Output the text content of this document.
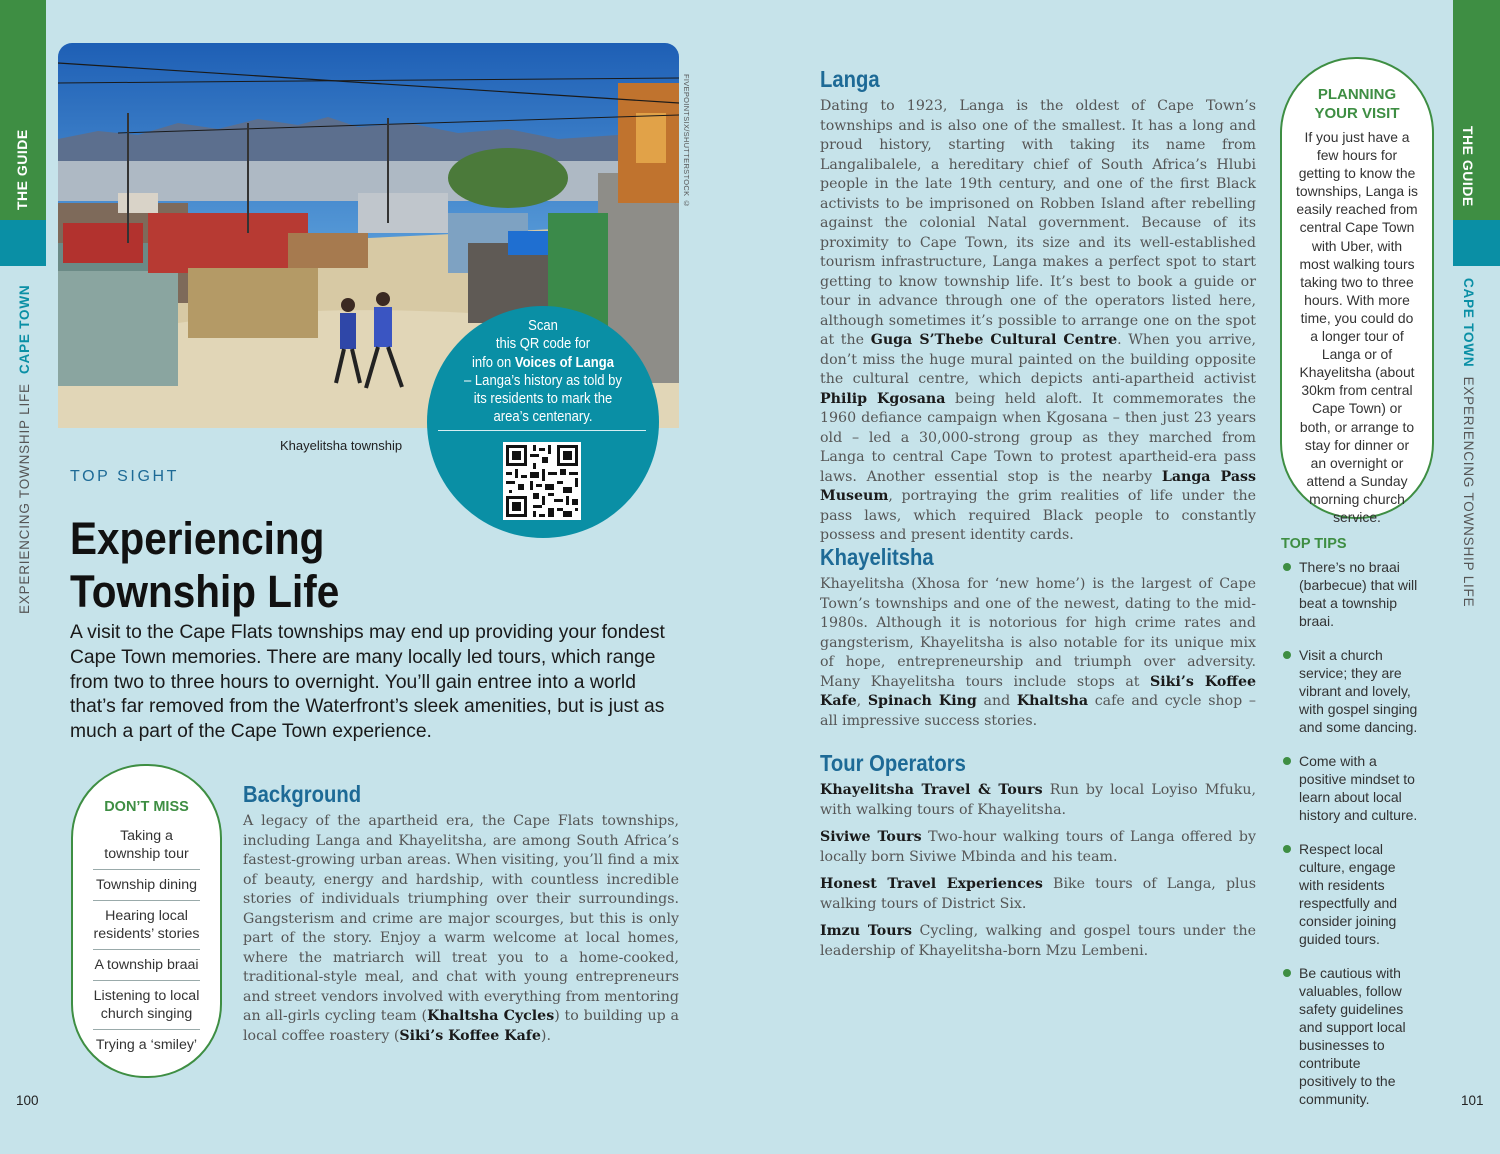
THE GUIDE
EXPERIENCING TOWNSHIP LIFE  CAPE TOWN
100
FIVEPOINTSIX/SHUTTERSTOCK ©
Khayelitsha township
Scan
this QR code for
info on Voices of Langa
– Langa’s history as told by
its residents to mark the
area’s centenary.
TOP SIGHT
Experiencing
Township Life

A visit to the Cape Flats townships may end up providing your fondest Cape Town memories. There are many locally led tours, which range from two to three hours to overnight. You’ll gain entree into a world that’s far removed from the Waterfront’s sleek amenities, but is just as much a part of the Cape Town experience.

DON’T MISS
Taking a township tour
Township dining
Hearing local residents’ stories
A township braai
Listening to local church singing
Trying a ‘smiley’
Background

A legacy of the apartheid era, the Cape Flats townships, including Langa and Khayelitsha, are among South Africa’s fastest-growing urban areas. When visiting, you’ll find a mix of beauty, energy and hardship, with countless incredible stories of individuals triumphing over their surroundings. Gangsterism and crime are major scourges, but this is only part of the story. Enjoy a warm welcome at local homes, where the matriarch will treat you to a home-cooked, traditional-style meal, and chat with young entrepreneurs and street vendors involved with everything from mentoring an all-girls cycling team (Khaltsha Cycles) to building up a local coffee roastery (Siki’s Koffee Kafe).

THE GUIDE
CAPE TOWN  EXPERIENCING TOWNSHIP LIFE
101
Langa

Dating to 1923, Langa is the oldest of Cape Town’s townships and is also one of the smallest. It has a long and proud history, starting with taking its name from Langalibalele, a hereditary chief of South Africa’s Hlubi people in the late 19th century, and one of the first Black activists to be imprisoned on Robben Island after rebelling against the colonial Natal government. Because of its proximity to Cape Town, its size and its well-established tourism infrastructure, Langa makes a perfect spot to start getting to know township life. It’s best to book a guide or tour in advance through one of the operators listed here, although sometimes it’s possible to arrange one on the spot at the Guga S’Thebe Cultural Centre. When you arrive, don’t miss the huge mural painted on the building opposite the cultural centre, which depicts anti-apartheid activist Philip Kgosana being held aloft. It commemorates the 1960 defiance campaign when Kgosana – then just 23 years old – led a 30,000-strong group as they marched from Langa to central Cape Town to protest apartheid-era pass laws. Another essential stop is the nearby Langa Pass Museum, portraying the grim realities of life under the pass laws, which required Black people to constantly possess and present identity cards.

Khayelitsha

Khayelitsha (Xhosa for ‘new home’) is the largest of Cape Town’s townships and one of the newest, dating to the mid-1980s. Although it is notorious for high crime rates and gangsterism, Khayelitsha is also notable for its unique mix of hope, entrepreneurship and triumph over adversity. Many Khayelitsha tours include stops at Siki’s Koffee Kafe, Spinach King and Khaltsha cafe and cycle shop – all impressive success stories.

Tour Operators

Khayelitsha Travel & Tours Run by local Loyiso Mfuku, with walking tours of Khayelitsha.

Siviwe Tours Two-hour walking tours of Langa offered by locally born Siviwe Mbinda and his team.

Honest Travel Experiences Bike tours of Langa, plus walking tours of District Six.

Imzu Tours Cycling, walking and gospel tours under the leadership of Khayelitsha-born Mzu Lembeni.

PLANNING
YOUR VISIT
If you just have a few hours for getting to know the townships, Langa is easily reached from central Cape Town with Uber, with most walking tours taking two to three hours. With more time, you could do a longer tour of Langa or of Khayelitsha (about 30km from central Cape Town) or both, or arrange to stay for dinner or an overnight or attend a Sunday morning church service.
TOP TIPS
There’s no braai (barbecue) that will beat a township braai.
Visit a church service; they are vibrant and lovely, with gospel singing and some dancing.
Come with a positive mindset to learn about local history and culture.
Respect local culture, engage with residents respectfully and consider joining guided tours.
Be cautious with valuables, follow safety guidelines and support local businesses to contribute positively to the community.
